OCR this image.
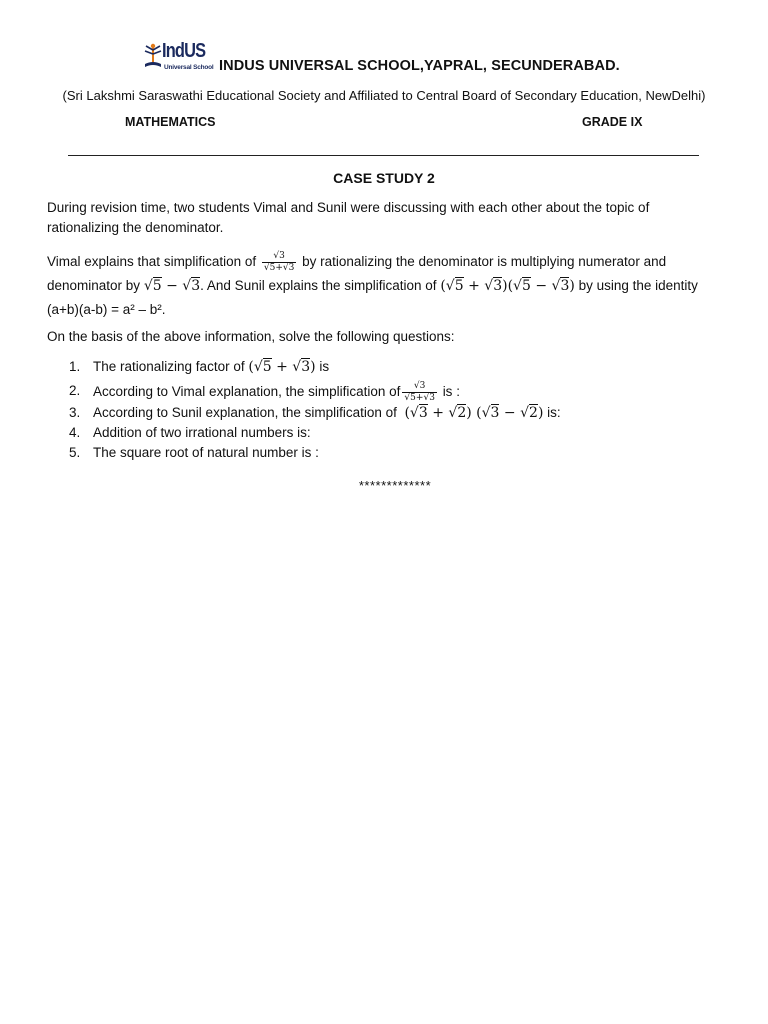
IndUS
Universal School INDUS UNIVERSAL SCHOOL,YAPRAL, SECUNDERABAD.
(Sri Lakshmi Saraswathi Educational Society and Affiliated to Central Board of Secondary Education, NewDelhi)
MATHEMATICS	GRADE IX
CASE STUDY 2
During revision time, two students Vimal and Sunil were discussing with each other about the topic of rationalizing the denominator.
Vimal explains that simplification of $\frac{√3}{√5+√3}$ by rationalizing the denominator is multiplying numerator and denominator by √5 − √3. And Sunil explains the simplification of (√5 + √3)(√5 − √3) by using the identity (a+b)(a-b) = a² – b².
On the basis of the above information, solve the following questions:
1. The rationalizing factor of (√5 + √3) is
2. According to Vimal explanation, the simplification of $\frac{√3}{√5+√3}$ is :
3. According to Sunil explanation, the simplification of (√3 + √2) (√3 − √2) is:
4. Addition of two irrational numbers is:
5. The square root of natural number is :
*************
